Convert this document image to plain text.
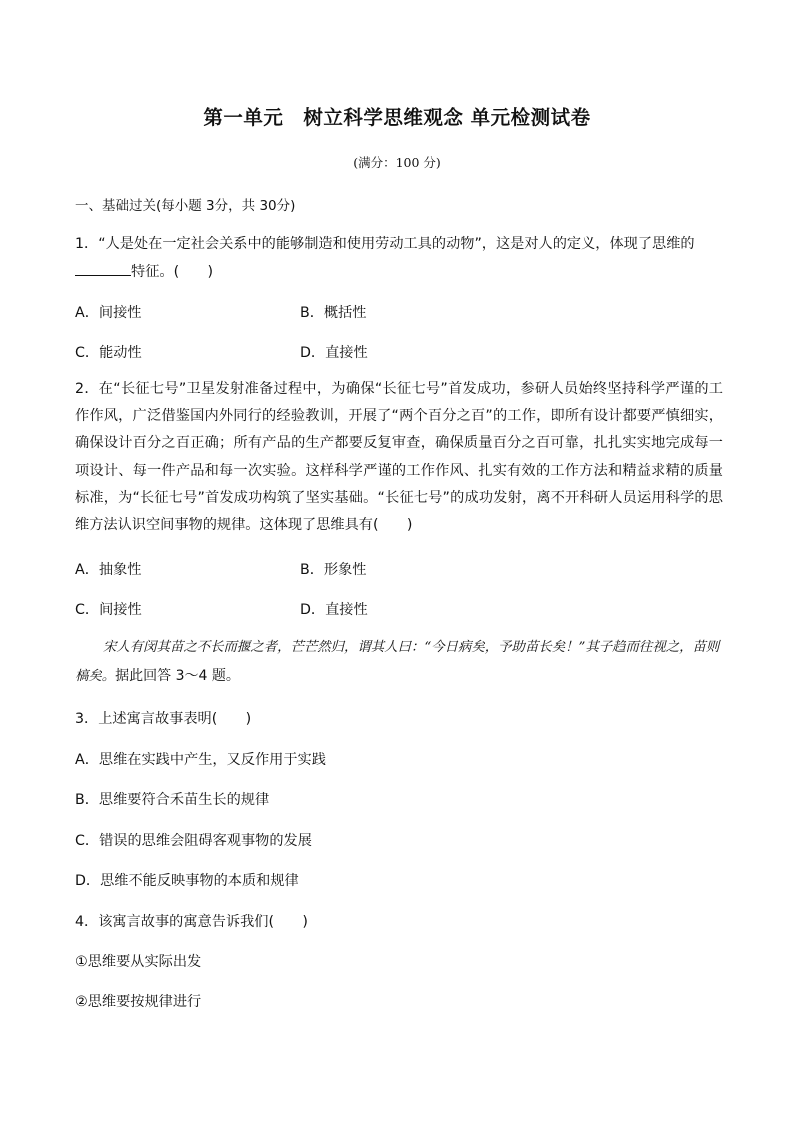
第一单元　树立科学思维观念 单元检测试卷
(满分：100 分)
一、基础过关(每小题 3分，共 30分)
1．“人是处在一定社会关系中的能够制造和使用劳动工具的动物”，这是对人的定义，体现了思维的
特征。(　　)
A．间接性	B．概括性
C．能动性	D．直接性
2．在“长征七号”卫星发射准备过程中，为确保“长征七号”首发成功，参研人员始终坚持科学严谨的工作作风，广泛借鉴国内外同行的经验教训，开展了“两个百分之百”的工作，即所有设计都要严慎细实，确保设计百分之百正确；所有产品的生产都要反复审查，确保质量百分之百可靠，扎扎实实地完成每一项设计、每一件产品和每一次实验。这样科学严谨的工作作风、扎实有效的工作方法和精益求精的质量标准，为“长征七号”首发成功构筑了坚实基础。“长征七号”的成功发射，离不开科研人员运用科学的思维方法认识空间事物的规律。这体现了思维具有(　　)
A．抽象性	B．形象性
C．间接性	D．直接性
宋人有闵其苗之不长而揠之者，芒芒然归，谓其人曰：“今日病矣，予助苗长矣！”其子趋而往视之，苗则槁矣。据此回答 3～4 题。
3．上述寓言故事表明(　　)
A．思维在实践中产生，又反作用于实践
B．思维要符合禾苗生长的规律
C．错误的思维会阻碍客观事物的发展
D．思维不能反映事物的本质和规律
4．该寓言故事的寓意告诉我们(　　)
①思维要从实际出发
②思维要按规律进行
